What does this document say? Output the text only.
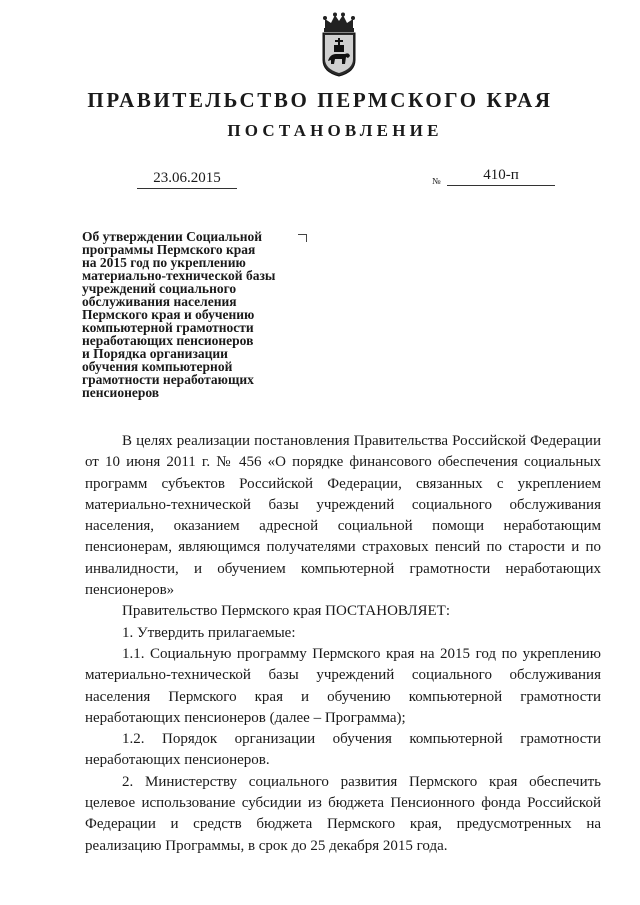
ПРАВИТЕЛЬСТВО ПЕРМСКОГО КРАЯ
ПОСТАНОВЛЕНИЕ
23.06.2015	№	410-п
Об утверждении Социальной
программы Пермского края
на 2015 год по укреплению
материально-технической базы
учреждений социального
обслуживания населения
Пермского края и обучению
компьютерной грамотности
неработающих пенсионеров
и Порядка организации
обучения компьютерной
грамотности неработающих
пенсионеров

В целях реализации постановления Правительства Российской Федерации от 10 июня 2011 г. № 456 «О порядке финансового обеспечения социальных программ субъектов Российской Федерации, связанных с укреплением материально-технической базы учреждений социального обслуживания населения, оказанием адресной социальной помощи неработающим пенсионерам, являющимся получателями страховых пенсий по старости и по инвалидности, и обучением компьютерной грамотности неработающих пенсионеров»

Правительство Пермского края ПОСТАНОВЛЯЕТ:

1. Утвердить прилагаемые:

1.1. Социальную программу Пермского края на 2015 год по укреплению материально-технической базы учреждений социального обслуживания населения Пермского края и обучению компьютерной грамотности неработающих пенсионеров (далее – Программа);

1.2. Порядок организации обучения компьютерной грамотности неработающих пенсионеров.

2. Министерству социального развития Пермского края обеспечить целевое использование субсидии из бюджета Пенсионного фонда Российской Федерации и средств бюджета Пермского края, предусмотренных на реализацию Программы, в срок до 25 декабря 2015 года.
